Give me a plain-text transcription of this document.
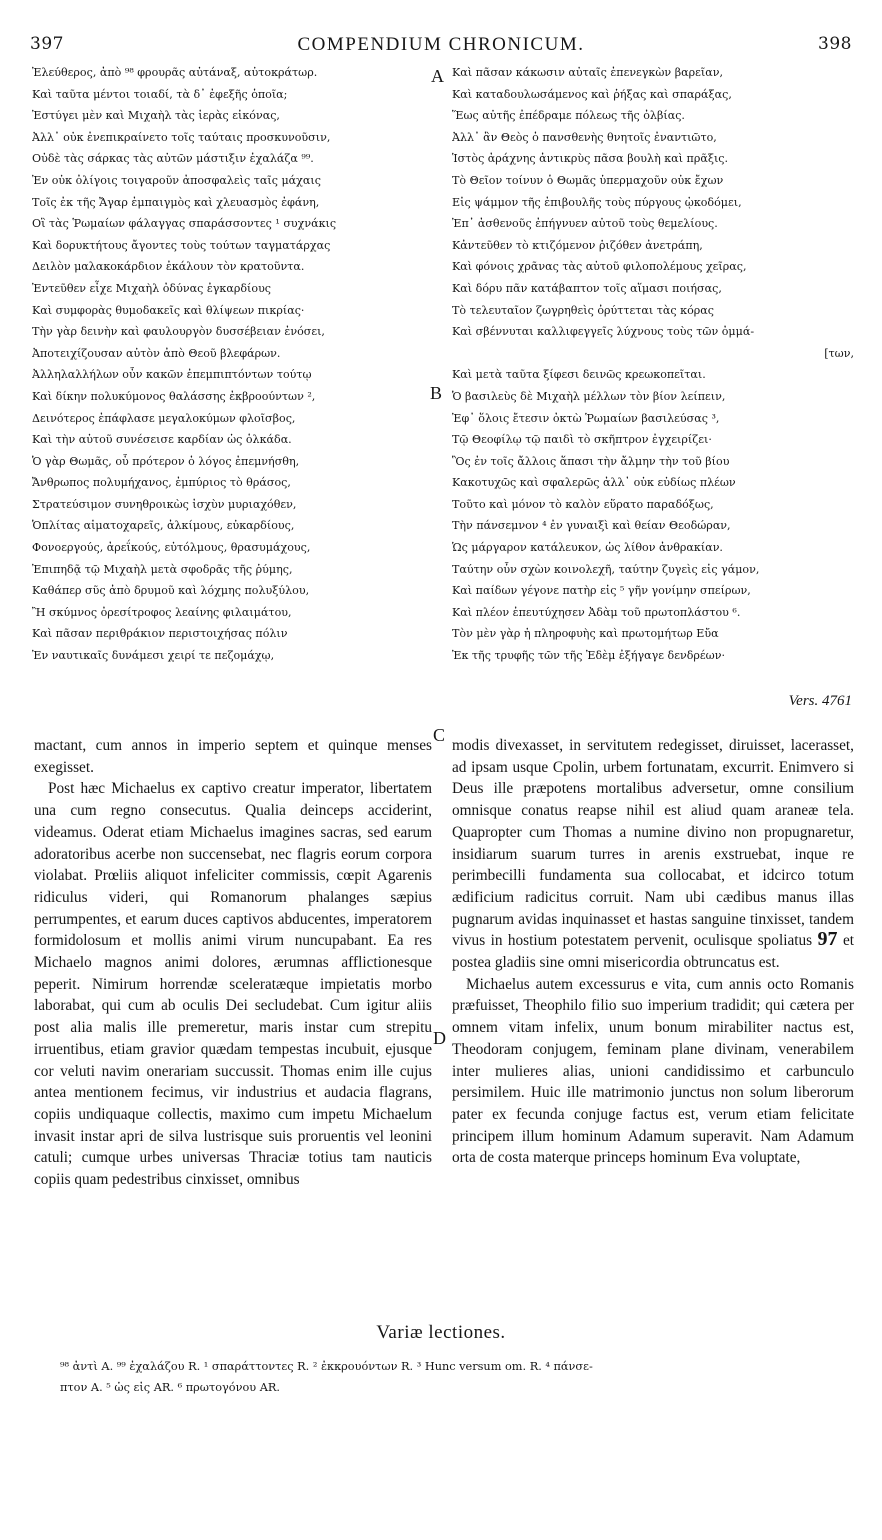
397	COMPENDIUM CHRONICUM.	398
Ἐλεύθερος, ἀπὸ ⁹⁸ φρουρᾶς αὐτάναξ, αὐτοκράτωρ.
Καὶ ταῦτα μέντοι τοιαδί, τὰ δ᾽ ἐφεξῆς ὁποῖα;
Ἐστύγει μὲν καὶ Μιχαὴλ τὰς ἱερὰς εἰκόνας,
Ἀλλ᾽ οὐκ ἐνεπικραίνετο τοῖς ταύταις προσκυνοῦσιν,
Οὐδὲ τὰς σάρκας τὰς αὐτῶν μάστιξιν ἐχαλάζα ⁹⁹.
Ἐν οὐκ ὀλίγοις τοιγαροῦν ἀποσφαλεὶς ταῖς μάχαις
Τοῖς ἐκ τῆς Ἄγαρ ἐμπαιγμὸς καὶ χλευασμὸς ἐφάνη,
Οἳ τὰς Ῥωμαίων φάλαγγας σπαράσσοντες ¹ συχνάκις
Καὶ δορυκτήτους ἄγοντες τοὺς τούτων ταγματάρχας
Δειλὸν μαλακοκάρδιον ἐκάλουν τὸν κρατοῦντα.
Ἐντεῦθεν εἶχε Μιχαὴλ ὀδύνας ἐγκαρδίους
Καὶ συμφορὰς θυμοδακεῖς καὶ θλίψεων πικρίας·
Τὴν γὰρ δεινὴν καὶ φαυλουργὸν δυσσέβειαν ἐνόσει,
Ἀποτειχίζουσαν αὐτὸν ἀπὸ Θεοῦ βλεφάρων.
Ἀλληλαλλήλων οὖν κακῶν ἐπεμπιπτόντων τούτῳ
Καὶ δίκην πολυκύμονος θαλάσσης ἐκβροούντων ²,
Δεινότερος ἐπάφλασε μεγαλοκύμων φλοῖσβος,
Καὶ τὴν αὐτοῦ συνέσεισε καρδίαν ὡς ὁλκάδα.
Ὁ γὰρ Θωμᾶς, οὗ πρότερον ὁ λόγος ἐπεμνήσθη,
Ἄνθρωπος πολυμήχανος, ἐμπύριος τὸ θράσος,
Στρατεύσιμον συνηθροικὼς ἰσχὺν μυριαχόθεν,
Ὁπλίτας αἱματοχαρεῖς, ἀλκίμους, εὐκαρδίους,
Φονοεργούς, ἀρεΐκούς, εὐτόλμους, θρασυμάχους,
Ἐπιπηδᾷ τῷ Μιχαὴλ μετὰ σφοδρᾶς τῆς ῥύμης,
Καθάπερ σῦς ἀπὸ δρυμοῦ καὶ λόχμης πολυξύλου,
Ἢ σκύμνος ὀρεσίτροφος λεαίνης φιλαιμάτου,
Καὶ πᾶσαν περιθράκιον περιστοιχήσας πόλιν
Ἐν ναυτικαῖς δυνάμεσι χειρί τε πεζομάχῳ,
Καὶ πᾶσαν κάκωσιν αὐταῖς ἐπενεγκὼν βαρεῖαν,
Καὶ καταδουλωσάμενος καὶ ῥήξας καὶ σπαράξας,
Ἕως αὐτῆς ἐπέδραμε πόλεως τῆς ὀλβίας.
Ἀλλ᾽ ἂν Θεὸς ὁ πανσθενὴς θνητοῖς ἐναντιῶτο,
Ἱστὸς ἀράχνης ἀντικρὺς πᾶσα βουλὴ καὶ πρᾶξις.
Τὸ Θεῖον τοίνυν ὁ Θωμᾶς ὑπερμαχοῦν οὐκ ἔχων
Εἰς ψάμμον τῆς ἐπιβουλῆς τοὺς πύργους ᾠκοδόμει,
Ἐπ᾽ ἀσθενοῦς ἐπήγνυεν αὐτοῦ τοὺς θεμελίους.
Κἀντεῦθεν τὸ κτιζόμενον ῥιζόθεν ἀνετράπη,
Καὶ φόνοις χρᾶνας τὰς αὐτοῦ φιλοπολέμους χεῖρας,
Καὶ δόρυ πᾶν κατάβαπτον τοῖς αἵμασι ποιήσας,
Τὸ τελευταῖον ζωγρηθεὶς ὀρύττεται τὰς κόρας
Καὶ σβέννυται καλλιφεγγεῖς λύχνους τοὺς τῶν ὀμμά-
[των,
Καὶ μετὰ ταῦτα ξίφεσι δεινῶς κρεωκοπεῖται.
Ὁ βασιλεὺς δὲ Μιχαὴλ μέλλων τὸν βίον λείπειν,
Ἐφ᾽ ὅλοις ἔτεσιν ὀκτὼ Ῥωμαίων βασιλεύσας ³,
Τῷ Θεοφίλῳ τῷ παιδὶ τὸ σκῆπτρον ἐγχειρίζει·
Ὃς ἐν τοῖς ἄλλοις ἅπασι τὴν ἄλμην τὴν τοῦ βίου
Κακοτυχῶς καὶ σφαλερῶς ἀλλ᾽ οὐκ εὐδίως πλέων
Τοῦτο καὶ μόνον τὸ καλὸν εὕρατο παραδόξως,
Τὴν πάνσεμνον ⁴ ἐν γυναιξὶ καὶ θείαν Θεοδώραν,
Ὡς μάργαρον κατάλευκον, ὡς λίθον ἀνθρακίαν.
Ταύτην οὖν σχὼν κοινολεχῆ, ταύτην ζυγεὶς εἰς γάμον,
Καὶ παίδων γέγονε πατὴρ εἰς ⁵ γῆν γονίμην σπείρων,
Καὶ πλέον ἐπευτύχησεν Ἀδὰμ τοῦ πρωτοπλάστου ⁶.
Τὸν μὲν γὰρ ἡ πληροφυὴς καὶ πρωτομήτωρ Εὔα
Ἐκ τῆς τρυφῆς τῶν τῆς Ἐδὲμ ἐξήγαγε δενδρέων·
A
B
C
D
Vers. 4761

mactant, cum annos in imperio septem et quinque menses exegisset.

Post hæc Michaelus ex captivo creatur imperator, libertatem una cum regno consecutus. Qualia deinceps acciderint, videamus. Oderat etiam Michaelus imagines sacras, sed earum adoratoribus acerbe non succensebat, nec flagris eorum corpora violabat. Prœliis aliquot infeliciter commissis, cœpit Agarenis ridiculus videri, qui Romanorum phalanges sæpius perrumpentes, et earum duces captivos abducentes, imperatorem formidolosum et mollis animi virum nuncupabant. Ea res Michaelo magnos animi dolores, ærumnas afflictionesque peperit. Nimirum horrendæ sceleratæque impietatis morbo laborabat, qui cum ab oculis Dei secludebat. Cum igitur aliis post alia malis ille premeretur, maris instar cum strepitu irruentibus, etiam gravior quædam tempestas incubuit, ejusque cor veluti navim onerariam succussit. Thomas enim ille cujus antea mentionem fecimus, vir industrius et audacia flagrans, copiis undiquaque collectis, maximo cum impetu Michaelum invasit instar apri de silva lustrisque suis proruentis vel leonini catuli; cumque urbes universas Thraciæ totius tam nauticis copiis quam pedestribus cinxisset, omnibus

modis divexasset, in servitutem redegisset, diruisset, lacerasset, ad ipsam usque Cpolin, urbem fortunatam, excurrit. Enimvero si Deus ille præpotens mortalibus adversetur, omne consilium omnisque conatus reapse nihil est aliud quam araneæ tela. Quapropter cum Thomas a numine divino non propugnaretur, insidiarum suarum turres in arenis exstruebat, inque re perimbecilli fundamenta sua collocabat, et idcirco totum ædificium radicitus corruit. Nam ubi cædibus manus illas pugnarum avidas inquinasset et hastas sanguine tinxisset, tandem vivus in hostium potestatem pervenit, oculisque spoliatus 97 et postea gladiis sine omni misericordia obtruncatus est.

Michaelus autem excessurus e vita, cum annis octo Romanis præfuisset, Theophilo filio suo imperium tradidit; qui cætera per omnem vitam infelix, unum bonum mirabiliter nactus est, Theodoram conjugem, feminam plane divinam, venerabilem inter mulieres alias, unioni candidissimo et carbunculo persimilem. Huic ille matrimonio junctus non solum liberorum pater ex fecunda conjuge factus est, verum etiam felicitate principem illum hominum Adamum superavit. Nam Adamum orta de costa materque princeps hominum Eva voluptate,

Variæ lectiones.
⁹⁸ ἀντὶ A. ⁹⁹ ἐχαλάζου R. ¹ σπαράττοντες R. ² ἐκκρουόντων R. ³ Hunc versum om. R. ⁴ πάνσε-
πτον A. ⁵ ὡς εἰς AR. ⁶ πρωτογόνου AR.
